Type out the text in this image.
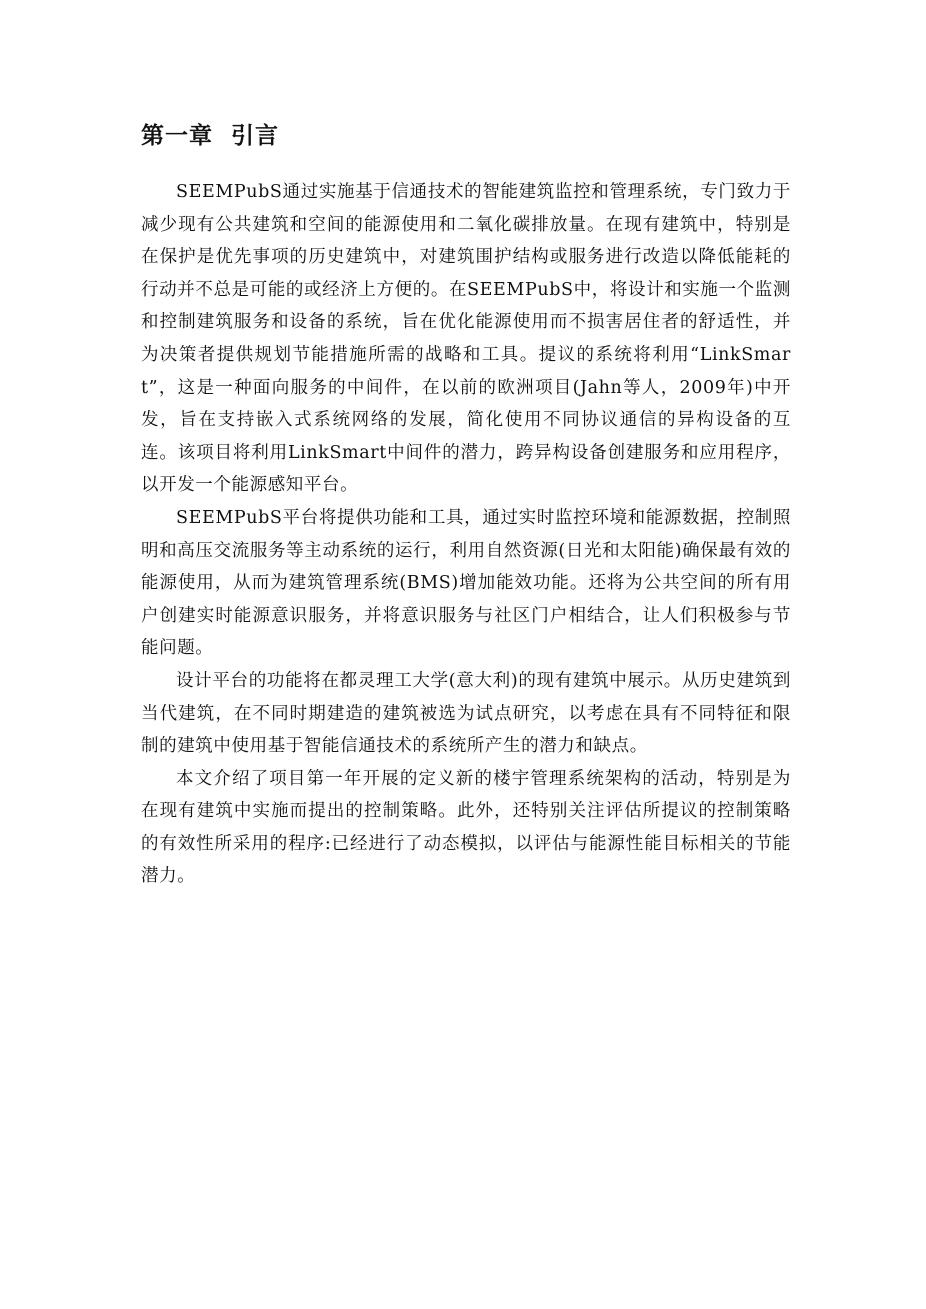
第一章  引言

SEEMPubS通过实施基于信通技术的智能建筑监控和管理系统，专门致力于减少现有公共建筑和空间的能源使用和二氧化碳排放量。在现有建筑中，特别是在保护是优先事项的历史建筑中，对建筑围护结构或服务进行改造以降低能耗的行动并不总是可能的或经济上方便的。在SEEMPubS中，将设计和实施一个监测和控制建筑服务和设备的系统，旨在优化能源使用而不损害居住者的舒适性，并为决策者提供规划节能措施所需的战略和工具。提议的系统将利用“LinkSmart”，这是一种面向服务的中间件，在以前的欧洲项目(Jahn等人，2009年)中开发，旨在支持嵌入式系统网络的发展，简化使用不同协议通信的异构设备的互连。该项目将利用LinkSmart中间件的潜力，跨异构设备创建服务和应用程序，以开发一个能源感知平台。

SEEMPubS平台将提供功能和工具，通过实时监控环境和能源数据，控制照明和高压交流服务等主动系统的运行，利用自然资源(日光和太阳能)确保最有效的能源使用，从而为建筑管理系统(BMS)增加能效功能。还将为公共空间的所有用户创建实时能源意识服务，并将意识服务与社区门户相结合，让人们积极参与节能问题。

设计平台的功能将在都灵理工大学(意大利)的现有建筑中展示。从历史建筑到当代建筑，在不同时期建造的建筑被选为试点研究，以考虑在具有不同特征和限制的建筑中使用基于智能信通技术的系统所产生的潜力和缺点。

本文介绍了项目第一年开展的定义新的楼宇管理系统架构的活动，特别是为在现有建筑中实施而提出的控制策略。此外，还特别关注评估所提议的控制策略的有效性所采用的程序:已经进行了动态模拟，以评估与能源性能目标相关的节能潜力。
